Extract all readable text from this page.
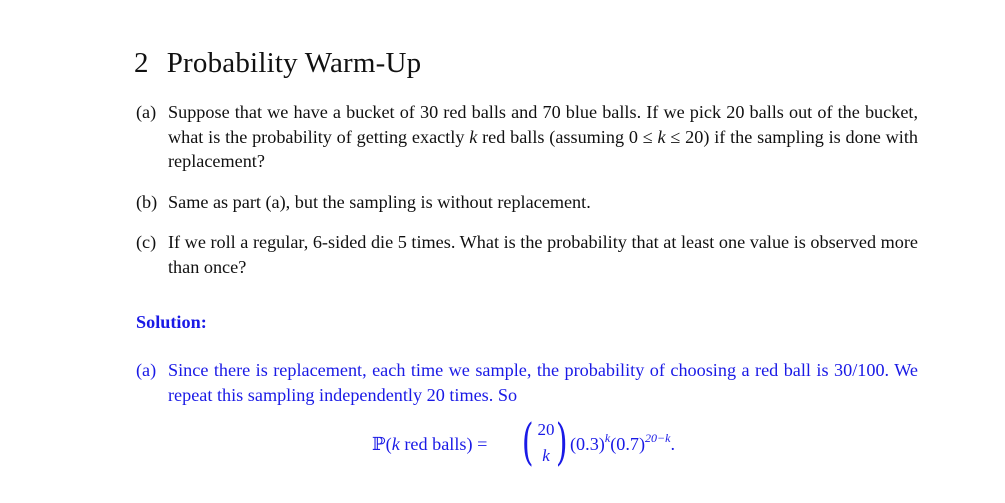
2 Probability Warm-Up
(a) Suppose that we have a bucket of 30 red balls and 70 blue balls. If we pick 20 balls out of the bucket, what is the probability of getting exactly k red balls (assuming 0 ≤ k ≤ 20) if the sampling is done with replacement?
(b) Same as part (a), but the sampling is without replacement.
(c) If we roll a regular, 6-sided die 5 times. What is the probability that at least one value is observed more than once?
Solution:
(a) Since there is replacement, each time we sample, the probability of choosing a red ball is 30/100. We repeat this sampling independently 20 times. So
ℙ(k red balls) = ( 20
k ) $(0.3)^k(0.7)^{20-k}$.
